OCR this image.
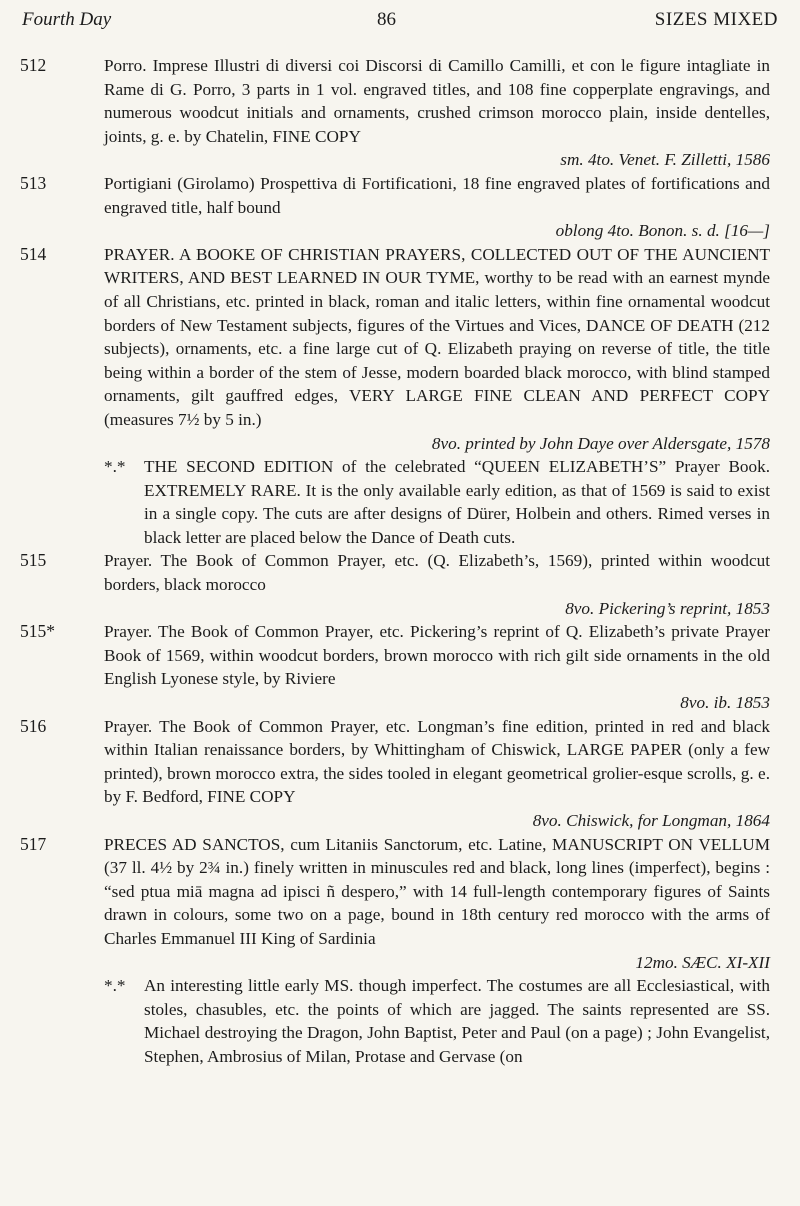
Fourth Day	86	SIZES MIXED
512	Porro. Imprese Illustri di diversi coi Discorsi di Camillo Camilli, et con le figure intagliate in Rame di G. Porro, 3 parts in 1 vol. engraved titles, and 108 fine copperplate engravings, and numerous woodcut initials and ornaments, crushed crimson morocco plain, inside dentelles, joints, g. e. by Chatelin, FINE COPY
sm. 4to. Venet. F. Zilletti, 1586
513	Portigiani (Girolamo) Prospettiva di Fortificationi, 18 fine engraved plates of fortifications and engraved title, half bound
oblong 4to. Bonon. s. d. [16—]
514	PRAYER. A BOOKE OF CHRISTIAN PRAYERS, COLLECTED OUT OF THE AUNCIENT WRITERS, AND BEST LEARNED IN OUR TYME, worthy to be read with an earnest mynde of all Christians, etc. printed in black, roman and italic letters, within fine ornamental woodcut borders of New Testament subjects, figures of the Virtues and Vices, DANCE OF DEATH (212 subjects), ornaments, etc. a fine large cut of Q. Elizabeth praying on reverse of title, the title being within a border of the stem of Jesse, modern boarded black morocco, with blind stamped ornaments, gilt gauffred edges, VERY LARGE FINE CLEAN AND PERFECT COPY (measures 7½ by 5 in.)
8vo. printed by John Daye over Aldersgate, 1578
*.* THE SECOND EDITION of the celebrated “QUEEN ELIZABETH’S” Prayer Book. EXTREMELY RARE. It is the only available early edition, as that of 1569 is said to exist in a single copy. The cuts are after designs of Dürer, Holbein and others. Rimed verses in black letter are placed below the Dance of Death cuts.
515	Prayer. The Book of Common Prayer, etc. (Q. Elizabeth’s, 1569), printed within woodcut borders, black morocco
8vo. Pickering’s reprint, 1853
515*	Prayer. The Book of Common Prayer, etc. Pickering’s reprint of Q. Elizabeth’s private Prayer Book of 1569, within woodcut borders, brown morocco with rich gilt side ornaments in the old English Lyonese style, by Riviere
8vo. ib. 1853
516	Prayer. The Book of Common Prayer, etc. Longman’s fine edition, printed in red and black within Italian renaissance borders, by Whittingham of Chiswick, LARGE PAPER (only a few printed), brown morocco extra, the sides tooled in elegant geometrical grolier-esque scrolls, g. e. by F. Bedford, FINE COPY
8vo. Chiswick, for Longman, 1864
517	PRECES AD SANCTOS, cum Litaniis Sanctorum, etc. Latine, MANUSCRIPT ON VELLUM (37 ll. 4½ by 2¾ in.) finely written in minuscules red and black, long lines (imperfect), begins : “sed ptua miā magna ad ipisci ñ despero,” with 14 full-length contemporary figures of Saints drawn in colours, some two on a page, bound in 18th century red morocco with the arms of Charles Emmanuel III King of Sardinia
12mo. SÆC. XI-XII
*.* An interesting little early MS. though imperfect. The costumes are all Ecclesiastical, with stoles, chasubles, etc. the points of which are jagged. The saints represented are SS. Michael destroying the Dragon, John Baptist, Peter and Paul (on a page) ; John Evangelist, Stephen, Ambrosius of Milan, Protase and Gervase (on
